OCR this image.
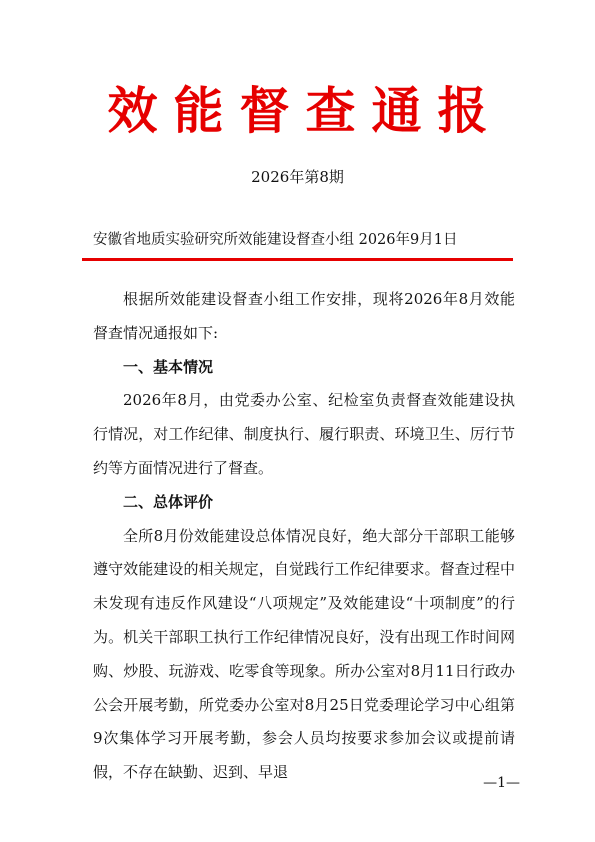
效能督查通报
2026年第8期
安徽省地质实验研究所效能建设督查小组 2026年9月1日

根据所效能建设督查小组工作安排，现将2026年8月效能督查情况通报如下:

一、基本情况

2026年8月，由党委办公室、纪检室负责督查效能建设执行情况，对工作纪律、制度执行、履行职责、环境卫生、厉行节约等方面情况进行了督查。

二、总体评价

全所8月份效能建设总体情况良好，绝大部分干部职工能够遵守效能建设的相关规定，自觉践行工作纪律要求。督查过程中未发现有违反作风建设“八项规定”及效能建设“十项制度”的行为。机关干部职工执行工作纪律情况良好，没有出现工作时间网购、炒股、玩游戏、吃零食等现象。所办公室对8月11日行政办公会开展考勤，所党委办公室对8月25日党委理论学习中心组第9次集体学习开展考勤，参会人员均按要求参加会议或提前请假，不存在缺勤、迟到、早退

—1—
